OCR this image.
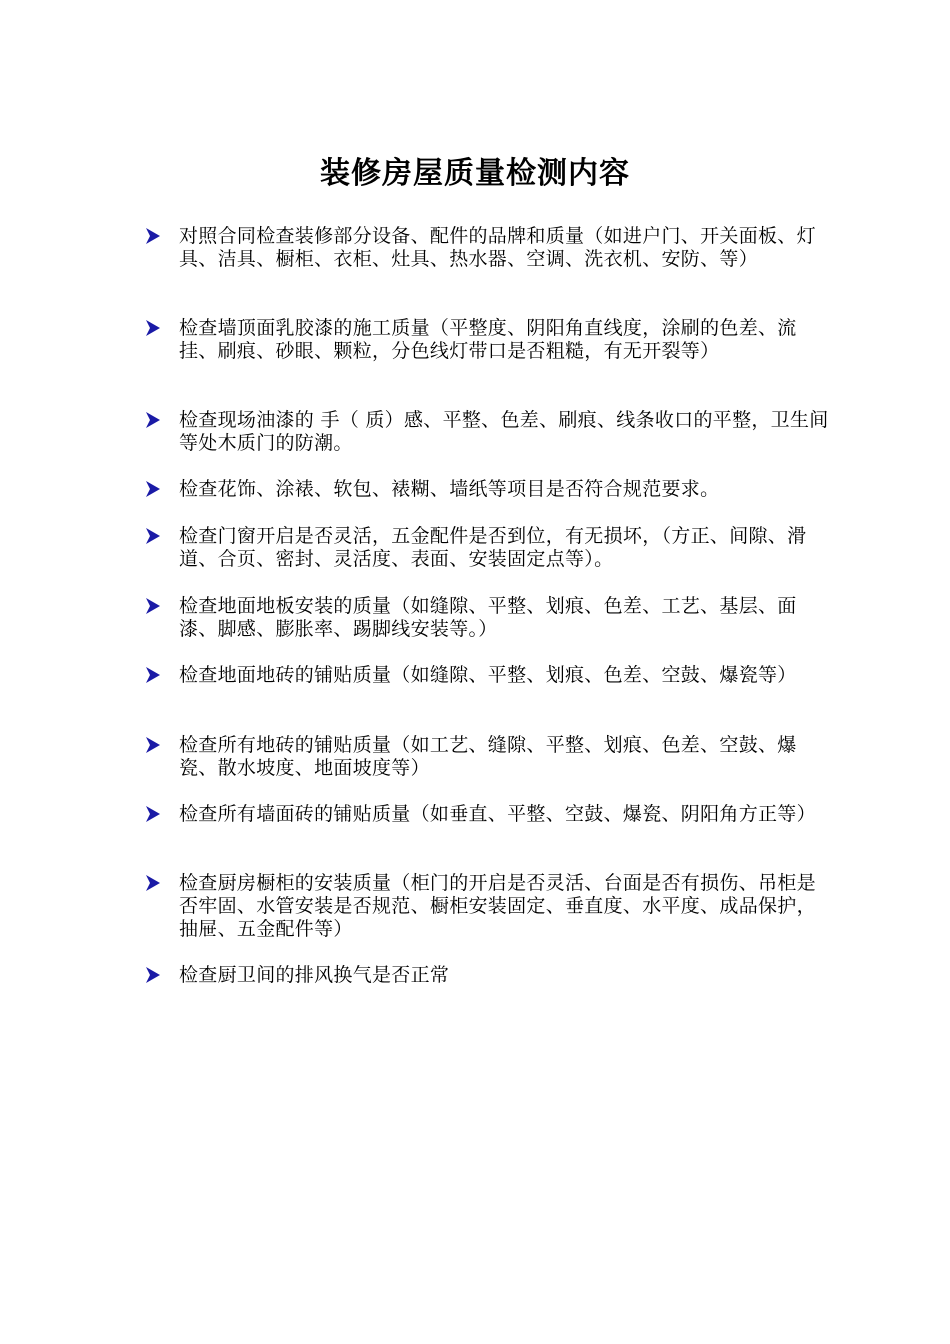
装修房屋质量检测内容
对照合同检查装修部分设备、配件的品牌和质量（如进户门、开关面板、灯具、洁具、橱柜、衣柜、灶具、热水器、空调、洗衣机、安防、等）
检查墙顶面乳胶漆的施工质量（平整度、阴阳角直线度，涂刷的色差、流挂、刷痕、砂眼、颗粒，分色线灯带口是否粗糙，有无开裂等）
检查现场油漆的 手（ 质）感、平整、色差、刷痕、线条收口的平整，卫生间等处木质门的防潮。
检查花饰、涂裱、软包、裱糊、墙纸等项目是否符合规范要求。
检查门窗开启是否灵活，五金配件是否到位，有无损坏，（方正、间隙、滑道、合页、密封、灵活度、表面、安装固定点等）。
检查地面地板安装的质量（如缝隙、平整、划痕、色差、工艺、基层、面漆、脚感、膨胀率、踢脚线安装等。）
检查地面地砖的铺贴质量（如缝隙、平整、划痕、色差、空鼓、爆瓷等）
检查所有地砖的铺贴质量（如工艺、缝隙、平整、划痕、色差、空鼓、爆瓷、散水坡度、地面坡度等）
检查所有墙面砖的铺贴质量（如垂直、平整、空鼓、爆瓷、阴阳角方正等）
检查厨房橱柜的安装质量（柜门的开启是否灵活、台面是否有损伤、吊柜是否牢固、水管安装是否规范、橱柜安装固定、垂直度、水平度、成品保护，抽屉、五金配件等）
检查厨卫间的排风换气是否正常
